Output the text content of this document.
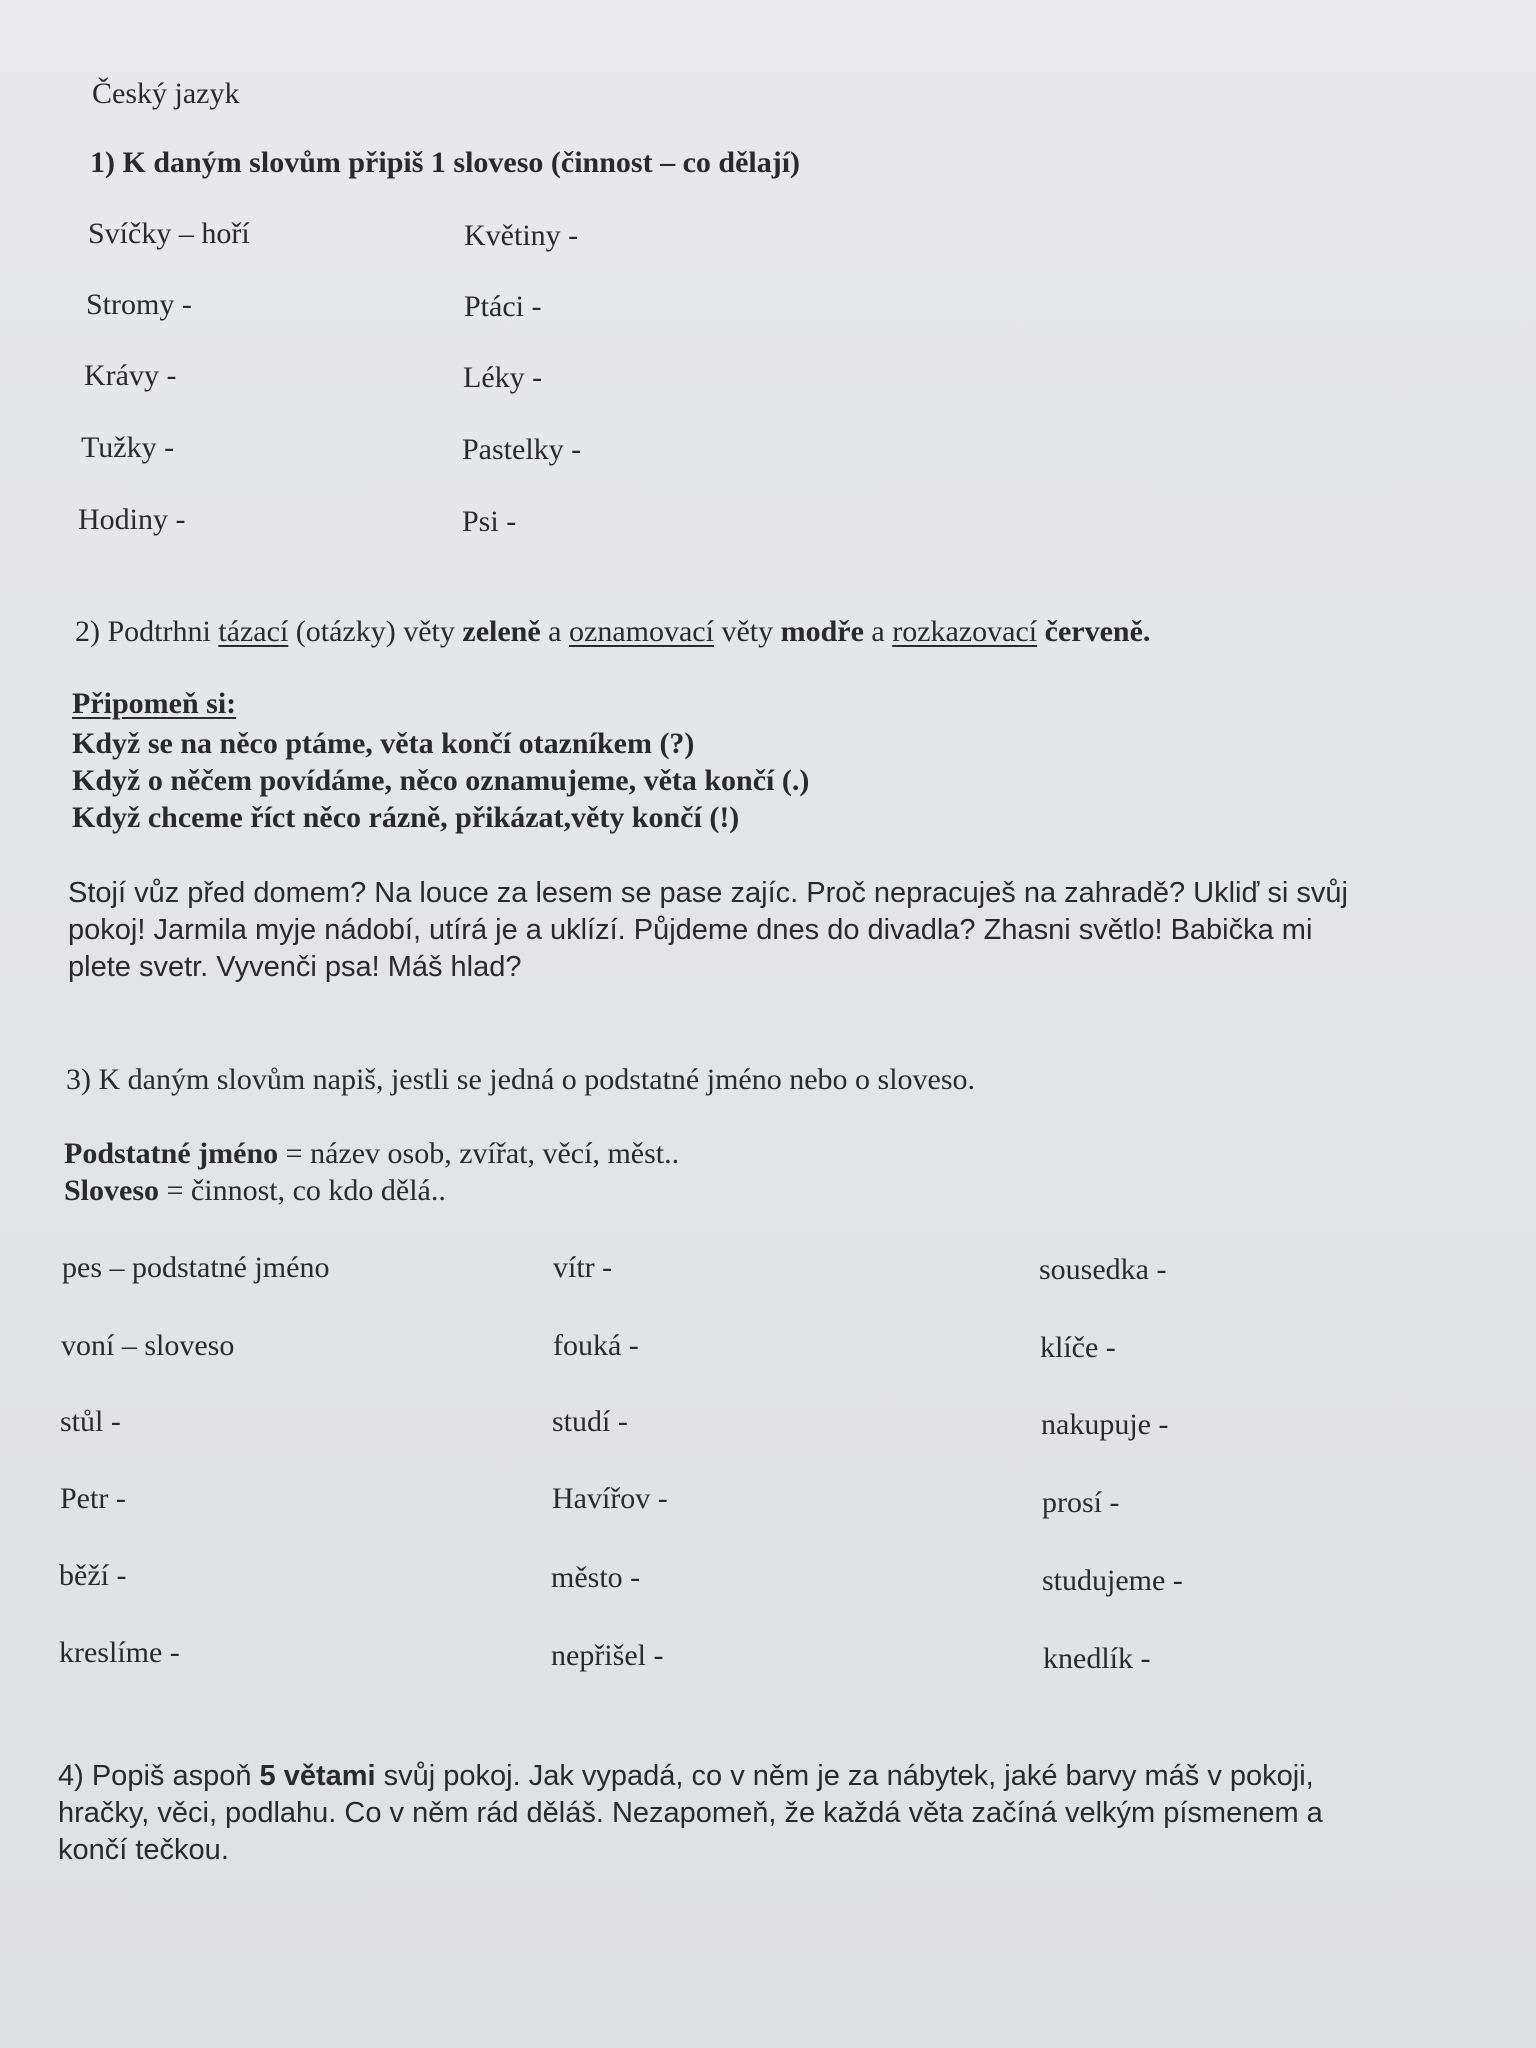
Český jazyk
1) K daným slovům připiš 1 sloveso (činnost – co dělají)
Svíčky – hoří
Stromy -
Krávy -
Tužky -
Hodiny -
Květiny -
Ptáci -
Léky -
Pastelky -
Psi -
2) Podtrhni tázací (otázky) věty zeleně a oznamovací věty modře a rozkazovací červeně.
Připomeň si:
Když se na něco ptáme, věta končí otazníkem (?)
Když o něčem povídáme, něco oznamujeme, věta končí (.)
Když chceme říct něco rázně, přikázat,věty končí (!)
Stojí vůz před domem? Na louce za lesem se pase zajíc. Proč nepracuješ na zahradě? Ukliď si svůj
pokoj! Jarmila myje nádobí, utírá je a uklízí. Půjdeme dnes do divadla? Zhasni světlo! Babička mi
plete svetr. Vyvenči psa! Máš hlad?
3) K daným slovům napiš, jestli se jedná o podstatné jméno nebo o sloveso.
Podstatné jméno = název osob, zvířat, věcí, měst..
Sloveso = činnost, co kdo dělá..
pes – podstatné jméno
voní – sloveso
stůl -
Petr -
běží -
kreslíme -
vítr -
fouká -
studí -
Havířov -
město -
nepřišel -
sousedka -
klíče -
nakupuje -
prosí -
studujeme -
knedlík -
4) Popiš aspoň 5 větami svůj pokoj. Jak vypadá, co v něm je za nábytek, jaké barvy máš v pokoji,
hračky, věci, podlahu. Co v něm rád děláš. Nezapomeň, že každá věta začíná velkým písmenem a
končí tečkou.
